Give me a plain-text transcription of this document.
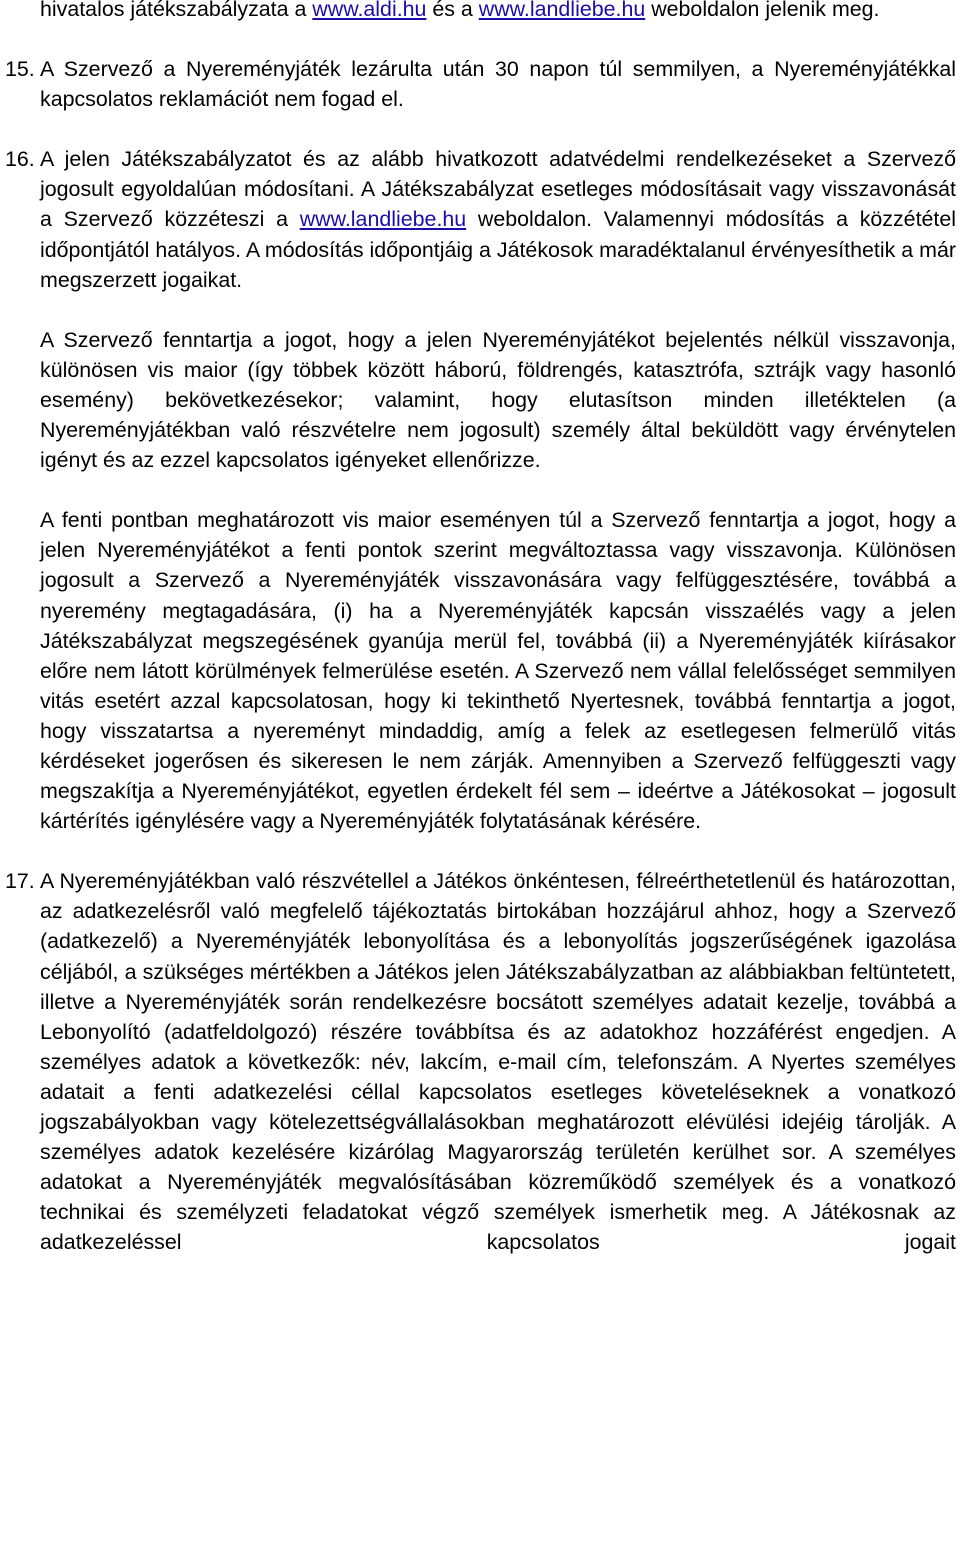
hivatalos játékszabályzata a www.aldi.hu és a www.landliebe.hu weboldalon jelenik meg.

15. A Szervező a Nyereményjáték lezárulta után 30 napon túl semmilyen, a Nyereményjátékkal kapcsolatos reklamációt nem fogad el.
16. A jelen Játékszabályzatot és az alább hivatkozott adatvédelmi rendelkezéseket a Szervező jogosult egyoldalúan módosítani. A Játékszabályzat esetleges módosításait vagy visszavonását a Szervező közzéteszi a www.landliebe.hu weboldalon. Valamennyi módosítás a közzététel időpontjától hatályos. A módosítás időpontjáig a Játékosok maradéktalanul érvényesíthetik a már megszerzett jogaikat.

A Szervező fenntartja a jogot, hogy a jelen Nyereményjátékot bejelentés nélkül visszavonja, különösen vis maior (így többek között háború, földrengés, katasztrófa, sztrájk vagy hasonló esemény) bekövetkezésekor; valamint, hogy elutasítson minden illetéktelen (a Nyereményjátékban való részvételre nem jogosult) személy által beküldött vagy érvénytelen igényt és az ezzel kapcsolatos igényeket ellenőrizze.

A fenti pontban meghatározott vis maior eseményen túl a Szervező fenntartja a jogot, hogy a jelen Nyereményjátékot a fenti pontok szerint megváltoztassa vagy visszavonja. Különösen jogosult a Szervező a Nyereményjáték visszavonására vagy felfüggesztésére, továbbá a nyeremény megtagadására, (i) ha a Nyereményjáték kapcsán visszaélés vagy a jelen Játékszabályzat megszegésének gyanúja merül fel, továbbá (ii) a Nyereményjáték kiírásakor előre nem látott körülmények felmerülése esetén. A Szervező nem vállal felelősséget semmilyen vitás esetért azzal kapcsolatosan, hogy ki tekinthető Nyertesnek, továbbá fenntartja a jogot, hogy visszatartsa a nyereményt mindaddig, amíg a felek az esetlegesen felmerülő vitás kérdéseket jogerősen és sikeresen le nem zárják. Amennyiben a Szervező felfüggeszti vagy megszakítja a Nyereményjátékot, egyetlen érdekelt fél sem – ideértve a Játékosokat – jogosult kártérítés igénylésére vagy a Nyereményjáték folytatásának kérésére.

17. A Nyereményjátékban való részvétellel a Játékos önkéntesen, félreérthetetlenül és határozottan, az adatkezelésről való megfelelő tájékoztatás birtokában hozzájárul ahhoz, hogy a Szervező (adatkezelő) a Nyereményjáték lebonyolítása és a lebonyolítás jogszerűségének igazolása céljából, a szükséges mértékben a Játékos jelen Játékszabályzatban az alábbiakban feltüntetett, illetve a Nyereményjáték során rendelkezésre bocsátott személyes adatait kezelje, továbbá a Lebonyolító (adatfeldolgozó) részére továbbítsa és az adatokhoz hozzáférést engedjen. A személyes adatok a következők: név, lakcím, e-mail cím, telefonszám. A Nyertes személyes adatait a fenti adatkezelési céllal kapcsolatos esetleges követeléseknek a vonatkozó jogszabályokban vagy kötelezettségvállalásokban meghatározott elévülési idejéig tárolják. A személyes adatok kezelésére kizárólag Magyarország területén kerülhet sor. A személyes adatokat a Nyereményjáték megvalósításában közreműködő személyek és a vonatkozó technikai és személyzeti feladatokat végző személyek ismerhetik meg. A Játékosnak az adatkezeléssel kapcsolatos jogait
